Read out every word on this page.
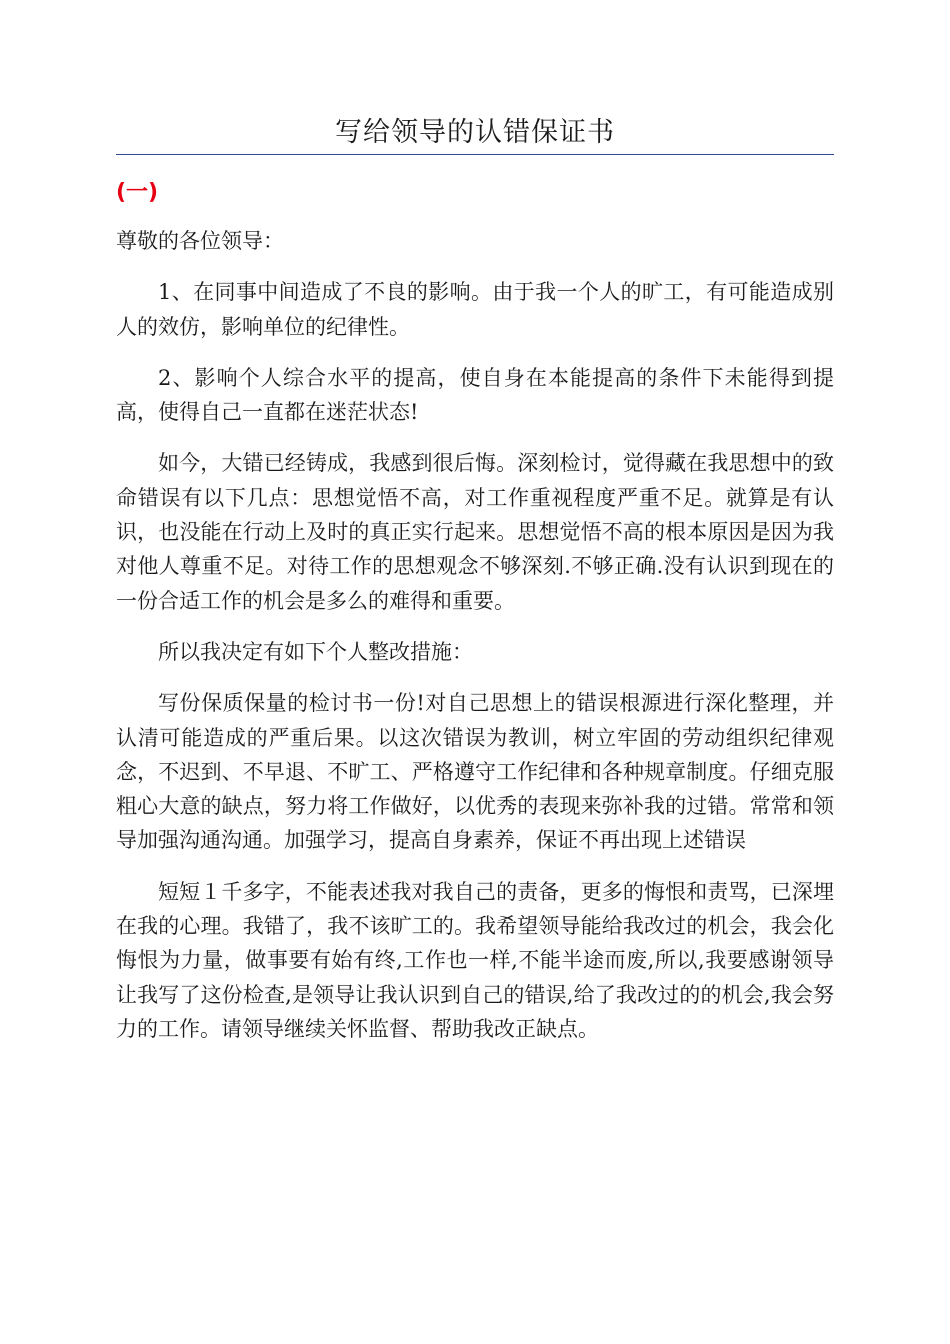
写给领导的认错保证书
(一)

尊敬的各位领导：

1、在同事中间造成了不良的影响。由于我一个人的旷工，有可能造成别人的效仿，影响单位的纪律性。

2、影响个人综合水平的提高，使自身在本能提高的条件下未能得到提高，使得自己一直都在迷茫状态!

如今，大错已经铸成，我感到很后悔。深刻检讨，觉得藏在我思想中的致命错误有以下几点：思想觉悟不高，对工作重视程度严重不足。就算是有认识，也没能在行动上及时的真正实行起来。思想觉悟不高的根本原因是因为我对他人尊重不足。对待工作的思想观念不够深刻.不够正确.没有认识到现在的一份合适工作的机会是多么的难得和重要。

所以我决定有如下个人整改措施：

写份保质保量的检讨书一份!对自己思想上的错误根源进行深化整理，并认清可能造成的严重后果。以这次错误为教训，树立牢固的劳动组织纪律观念，不迟到、不早退、不旷工、严格遵守工作纪律和各种规章制度。仔细克服粗心大意的缺点，努力将工作做好，以优秀的表现来弥补我的过错。常常和领导加强沟通沟通。加强学习，提高自身素养，保证不再出现上述错误

短短１千多字，不能表述我对我自己的责备，更多的悔恨和责骂，已深埋在我的心理。我错了，我不该旷工的。我希望领导能给我改过的机会，我会化悔恨为力量，做事要有始有终,工作也一样,不能半途而废,所以,我要感谢领导让我写了这份检查,是领导让我认识到自己的错误,给了我改过的的机会,我会努力的工作。请领导继续关怀监督、帮助我改正缺点。
